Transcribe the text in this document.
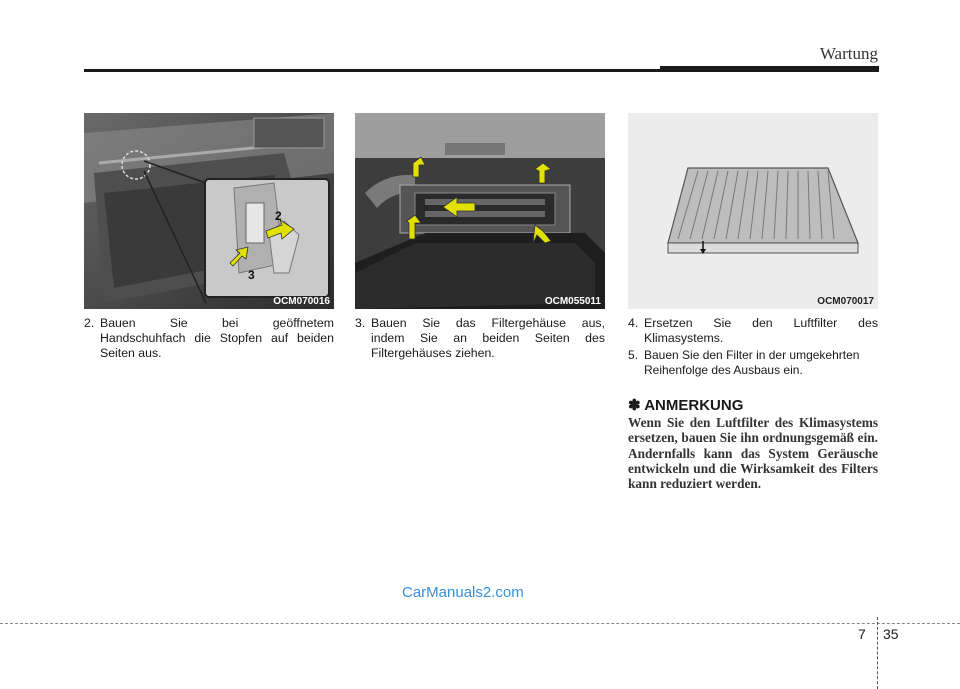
Wartung
2
3
OCM070016	OCM055011	OCM070017
2. Bauen Sie bei geöffnetem
Handschuhfach die Stopfen auf beiden Seiten aus.
3. Bauen Sie das Filtergehäuse aus,
indem Sie an beiden Seiten des Filtergehäuses ziehen.
4. Ersetzen Sie den Luftfilter des
Klimasystems.
5. Bauen Sie den Filter in der umgekehrten
Reihenfolge des Ausbaus ein.
✽ ANMERKUNG
Wenn Sie den Luftfilter des Klimasystems ersetzen, bauen Sie ihn ordnungsgemäß ein. Andernfalls kann das System Geräusche entwickeln und die Wirksamkeit des Filters kann reduziert werden.
CarManuals2.com
7 35
